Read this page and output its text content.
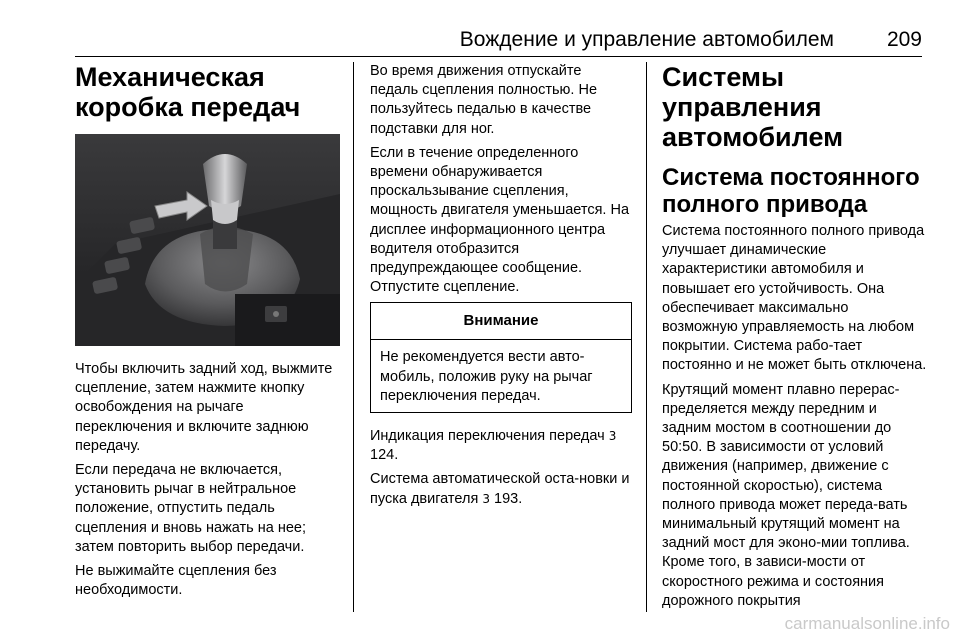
Вождение и управление автомобилем	209
Механическая коробка передач

Чтобы включить задний ход, выжмите сцепление, затем нажмите кнопку освобождения на рычаге переключения и включите заднюю передачу.

Если передача не включается, установить рычаг в нейтральное положение, отпустить педаль сцепления и вновь нажать на нее; затем повторить выбор передачи.

Не выжимайте сцепления без необходимости.

Во время движения отпускайте педаль сцепления полностью. Не пользуйтесь педалью в качестве подставки для ног.

Если в течение определенного времени обнаруживается проскальзывание сцепления, мощность двигателя уменьшается. На дисплее информационного центра водителя отобразится предупреждающее сообщение. Отпустите сцепление.

Внимание

Не рекомендуется вести авто-мобиль, положив руку на рычаг переключения передач.

Индикация переключения передач 3 124.

Система автоматической оста-новки и пуска двигателя 3 193.

Системы управления автомобилем
Система постоянного полного привода

Система постоянного полного привода улучшает динамические характеристики автомобиля и повышает его устойчивость. Она обеспечивает максимально возможную управляемость на любом покрытии. Система рабо-тает постоянно и не может быть отключена.

Крутящий момент плавно перерас-пределяется между передним и задним мостом в соотношении до 50:50. В зависимости от условий движения (например, движение с постоянной скоростью), система полного привода может переда-вать минимальный крутящий момент на задний мост для эконо-мии топлива. Кроме того, в зависи-мости от скоростного режима и состояния дорожного покрытия

carmanualsonline.info
